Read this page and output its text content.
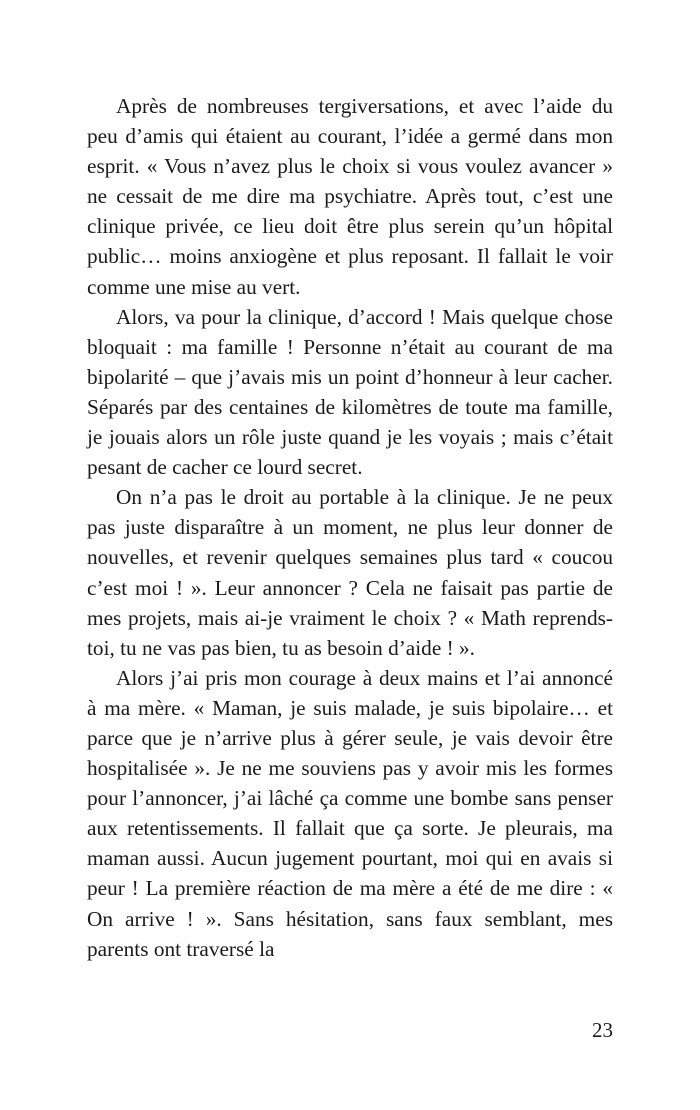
Après de nombreuses tergiversations, et avec l’aide du peu d’amis qui étaient au courant, l’idée a germé dans mon esprit. « Vous n’avez plus le choix si vous voulez avancer » ne cessait de me dire ma psychiatre. Après tout, c’est une clinique privée, ce lieu doit être plus serein qu’un hôpital public… moins anxiogène et plus reposant. Il fallait le voir comme une mise au vert.

Alors, va pour la clinique, d’accord ! Mais quelque chose bloquait : ma famille ! Personne n’était au courant de ma bipolarité – que j’avais mis un point d’honneur à leur cacher. Séparés par des centaines de kilomètres de toute ma famille, je jouais alors un rôle juste quand je les voyais ; mais c’était pesant de cacher ce lourd secret.

On n’a pas le droit au portable à la clinique. Je ne peux pas juste disparaître à un moment, ne plus leur donner de nouvelles, et revenir quelques semaines plus tard « coucou c’est moi ! ». Leur annoncer ? Cela ne faisait pas partie de mes projets, mais ai-je vraiment le choix ? « Math reprends-toi, tu ne vas pas bien, tu as besoin d’aide ! ».

Alors j’ai pris mon courage à deux mains et l’ai annoncé à ma mère. « Maman, je suis malade, je suis bipolaire… et parce que je n’arrive plus à gérer seule, je vais devoir être hospitalisée ». Je ne me souviens pas y avoir mis les formes pour l’annoncer, j’ai lâché ça comme une bombe sans penser aux retentissements. Il fallait que ça sorte. Je pleurais, ma maman aussi. Aucun jugement pourtant, moi qui en avais si peur ! La première réaction de ma mère a été de me dire : « On arrive ! ». Sans hésitation, sans faux semblant, mes parents ont traversé la

23
